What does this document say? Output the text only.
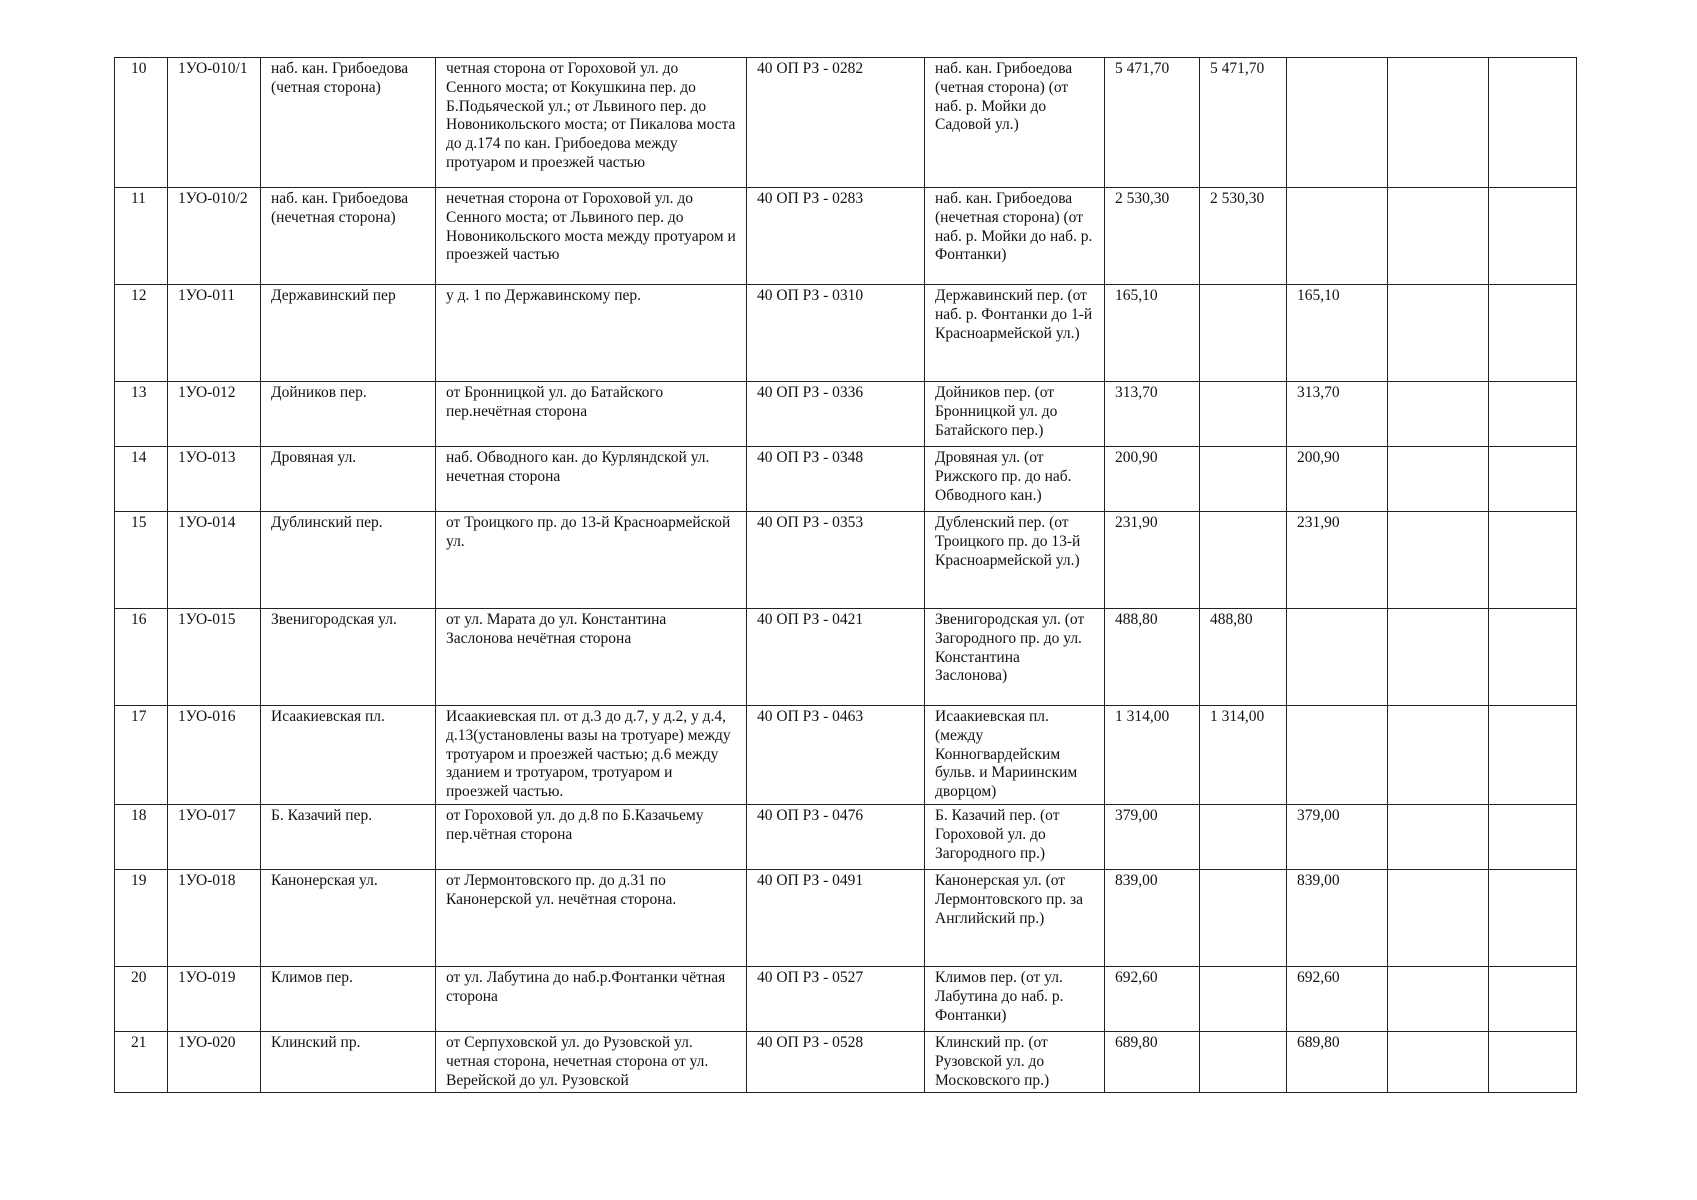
10	1УО-010/1	наб. кан. Грибоедова (четная сторона)	четная сторона от Гороховой ул. до Сенного моста; от Кокушкина пер. до Б.Подьяческой ул.; от Львиного пер. до Новоникольского моста; от Пикалова моста до д.174 по кан. Грибоедова между протуаром и проезжей частью	40 ОП РЗ - 0282	наб. кан. Грибоедова (четная сторона) (от наб. р. Мойки до Садовой ул.)	5 471,70	5 471,70			
11	1УО-010/2	наб. кан. Грибоедова (нечетная сторона)	нечетная сторона от Гороховой ул. до Сенного моста; от Львиного пер. до Новоникольского моста между протуаром и проезжей частью	40 ОП РЗ - 0283	наб. кан. Грибоедова (нечетная сторона) (от наб. р. Мойки до наб. р. Фонтанки)	2 530,30	2 530,30			
12	1УО-011	Державинский пер	у д. 1 по Державинскому пер.	40 ОП РЗ - 0310	Державинский пер. (от наб. р. Фонтанки до 1-й Красноармейской ул.)	165,10		165,10		
13	1УО-012	Дойников пер.	от Бронницкой ул. до Батайского пер.нечётная сторона	40 ОП РЗ - 0336	Дойников пер. (от Бронницкой ул. до Батайского пер.)	313,70		313,70		
14	1УО-013	Дровяная ул.	наб. Обводного кан. до Курляндской ул. нечетная сторона	40 ОП РЗ - 0348	Дровяная ул. (от Рижского пр. до наб. Обводного кан.)	200,90		200,90		
15	1УО-014	Дублинский пер.	от Троицкого пр. до 13-й Красноармейской ул.	40 ОП РЗ - 0353	Дубленский пер. (от Троицкого пр. до 13-й Красноармейской ул.)	231,90		231,90		
16	1УО-015	Звенигородская ул.	от ул. Марата до ул. Константина Заслонова нечётная сторона	40 ОП РЗ - 0421	Звенигородская ул. (от Загородного пр. до ул. Константина Заслонова)	488,80	488,80			
17	1УО-016	Исаакиевская пл.	Исаакиевская пл. от д.3 до д.7, у д.2, у д.4, д.13(установлены вазы на тротуаре) между тротуаром и проезжей частью; д.6 между зданием и тротуаром, тротуаром и проезжей частью.	40 ОП РЗ - 0463	Исаакиевская пл. (между Конногвардейским бульв. и Мариинским дворцом)	1 314,00	1 314,00			
18	1УО-017	Б. Казачий пер.	от Гороховой ул. до д.8 по Б.Казачьему пер.чётная сторона	40 ОП РЗ - 0476	Б. Казачий пер. (от Гороховой ул. до Загородного пр.)	379,00		379,00		
19	1УО-018	Канонерская ул.	от Лермонтовского пр. до д.31 по Канонерской ул. нечётная сторона.	40 ОП РЗ - 0491	Канонерская ул. (от Лермонтовского пр. за Английский пр.)	839,00		839,00		
20	1УО-019	Климов пер.	от ул. Лабутина до наб.р.Фонтанки чётная сторона	40 ОП РЗ - 0527	Климов пер. (от ул. Лабутина до наб. р. Фонтанки)	692,60		692,60		
21	1УО-020	Клинский пр.	от Серпуховской ул. до Рузовской ул. четная сторона, нечетная сторона от ул. Верейской до ул. Рузовской	40 ОП РЗ - 0528	Клинский пр. (от Рузовской ул. до Московского пр.)	689,80		689,80		
